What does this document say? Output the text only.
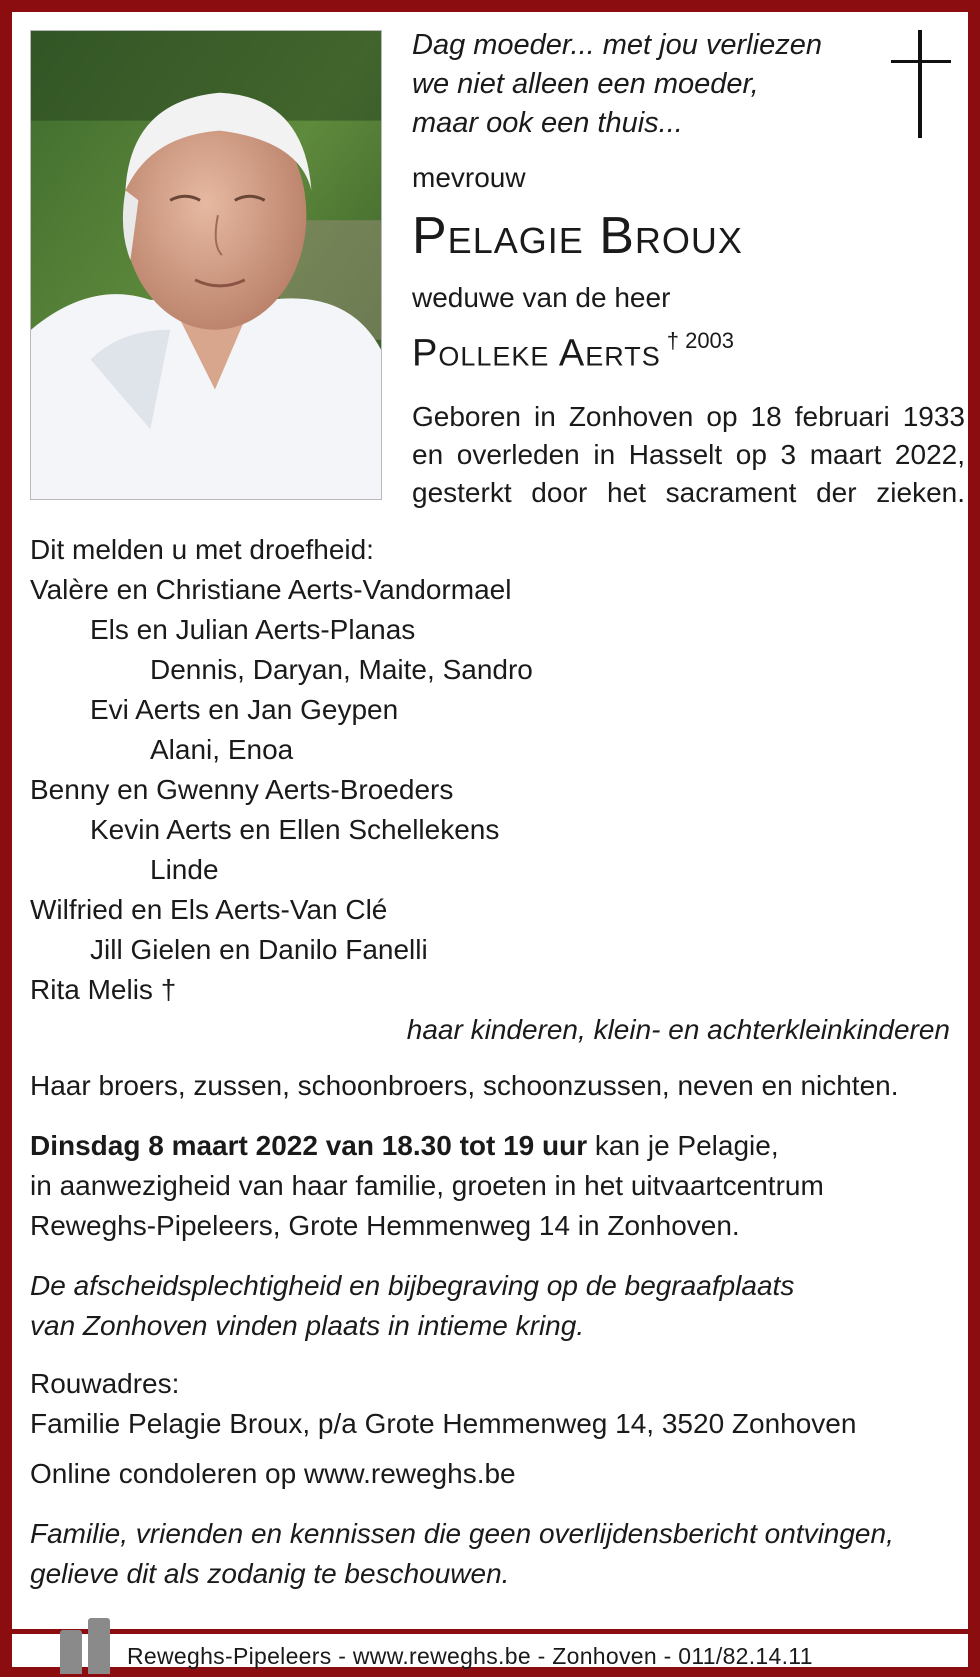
Dag moeder... met jou verliezen
we niet alleen een moeder,
maar ook een thuis...

mevrouw

Pelagie Broux

weduwe van de heer

Polleke Aerts $^{\dagger 2003}$

Geboren in Zonhoven op 18 februari 1933
en overleden in Hasselt op 3 maart 2022,
gesterkt door het sacrament der zieken.
Dit melden u met droefheid:
Valère en Christiane Aerts-Vandormael
Els en Julian Aerts-Planas
Dennis, Daryan, Maite, Sandro
Evi Aerts en Jan Geypen
Alani, Enoa
Benny en Gwenny Aerts-Broeders
Kevin Aerts en Ellen Schellekens
Linde
Wilfried en Els Aerts-Van Clé
Jill Gielen en Danilo Fanelli
Rita Melis †
haar kinderen, klein- en achterkleinkinderen

Haar broers, zussen, schoonbroers, schoonzussen, neven en nichten.

Dinsdag 8 maart 2022 van 18.30 tot 19 uur kan je Pelagie,
in aanwezigheid van haar familie, groeten in het uitvaartcentrum
Reweghs-Pipeleers, Grote Hemmenweg 14 in Zonhoven.
De afscheidsplechtigheid en bijbegraving op de begraafplaats
van Zonhoven vinden plaats in intieme kring.
Rouwadres:
Familie Pelagie Broux, p/a Grote Hemmenweg 14, 3520 Zonhoven

Online condoleren op www.reweghs.be

Familie, vrienden en kennissen die geen overlijdensbericht ontvingen,
gelieve dit als zodanig te beschouwen.
Reweghs-Pipeleers - www.reweghs.be - Zonhoven - 011/82.14.11
